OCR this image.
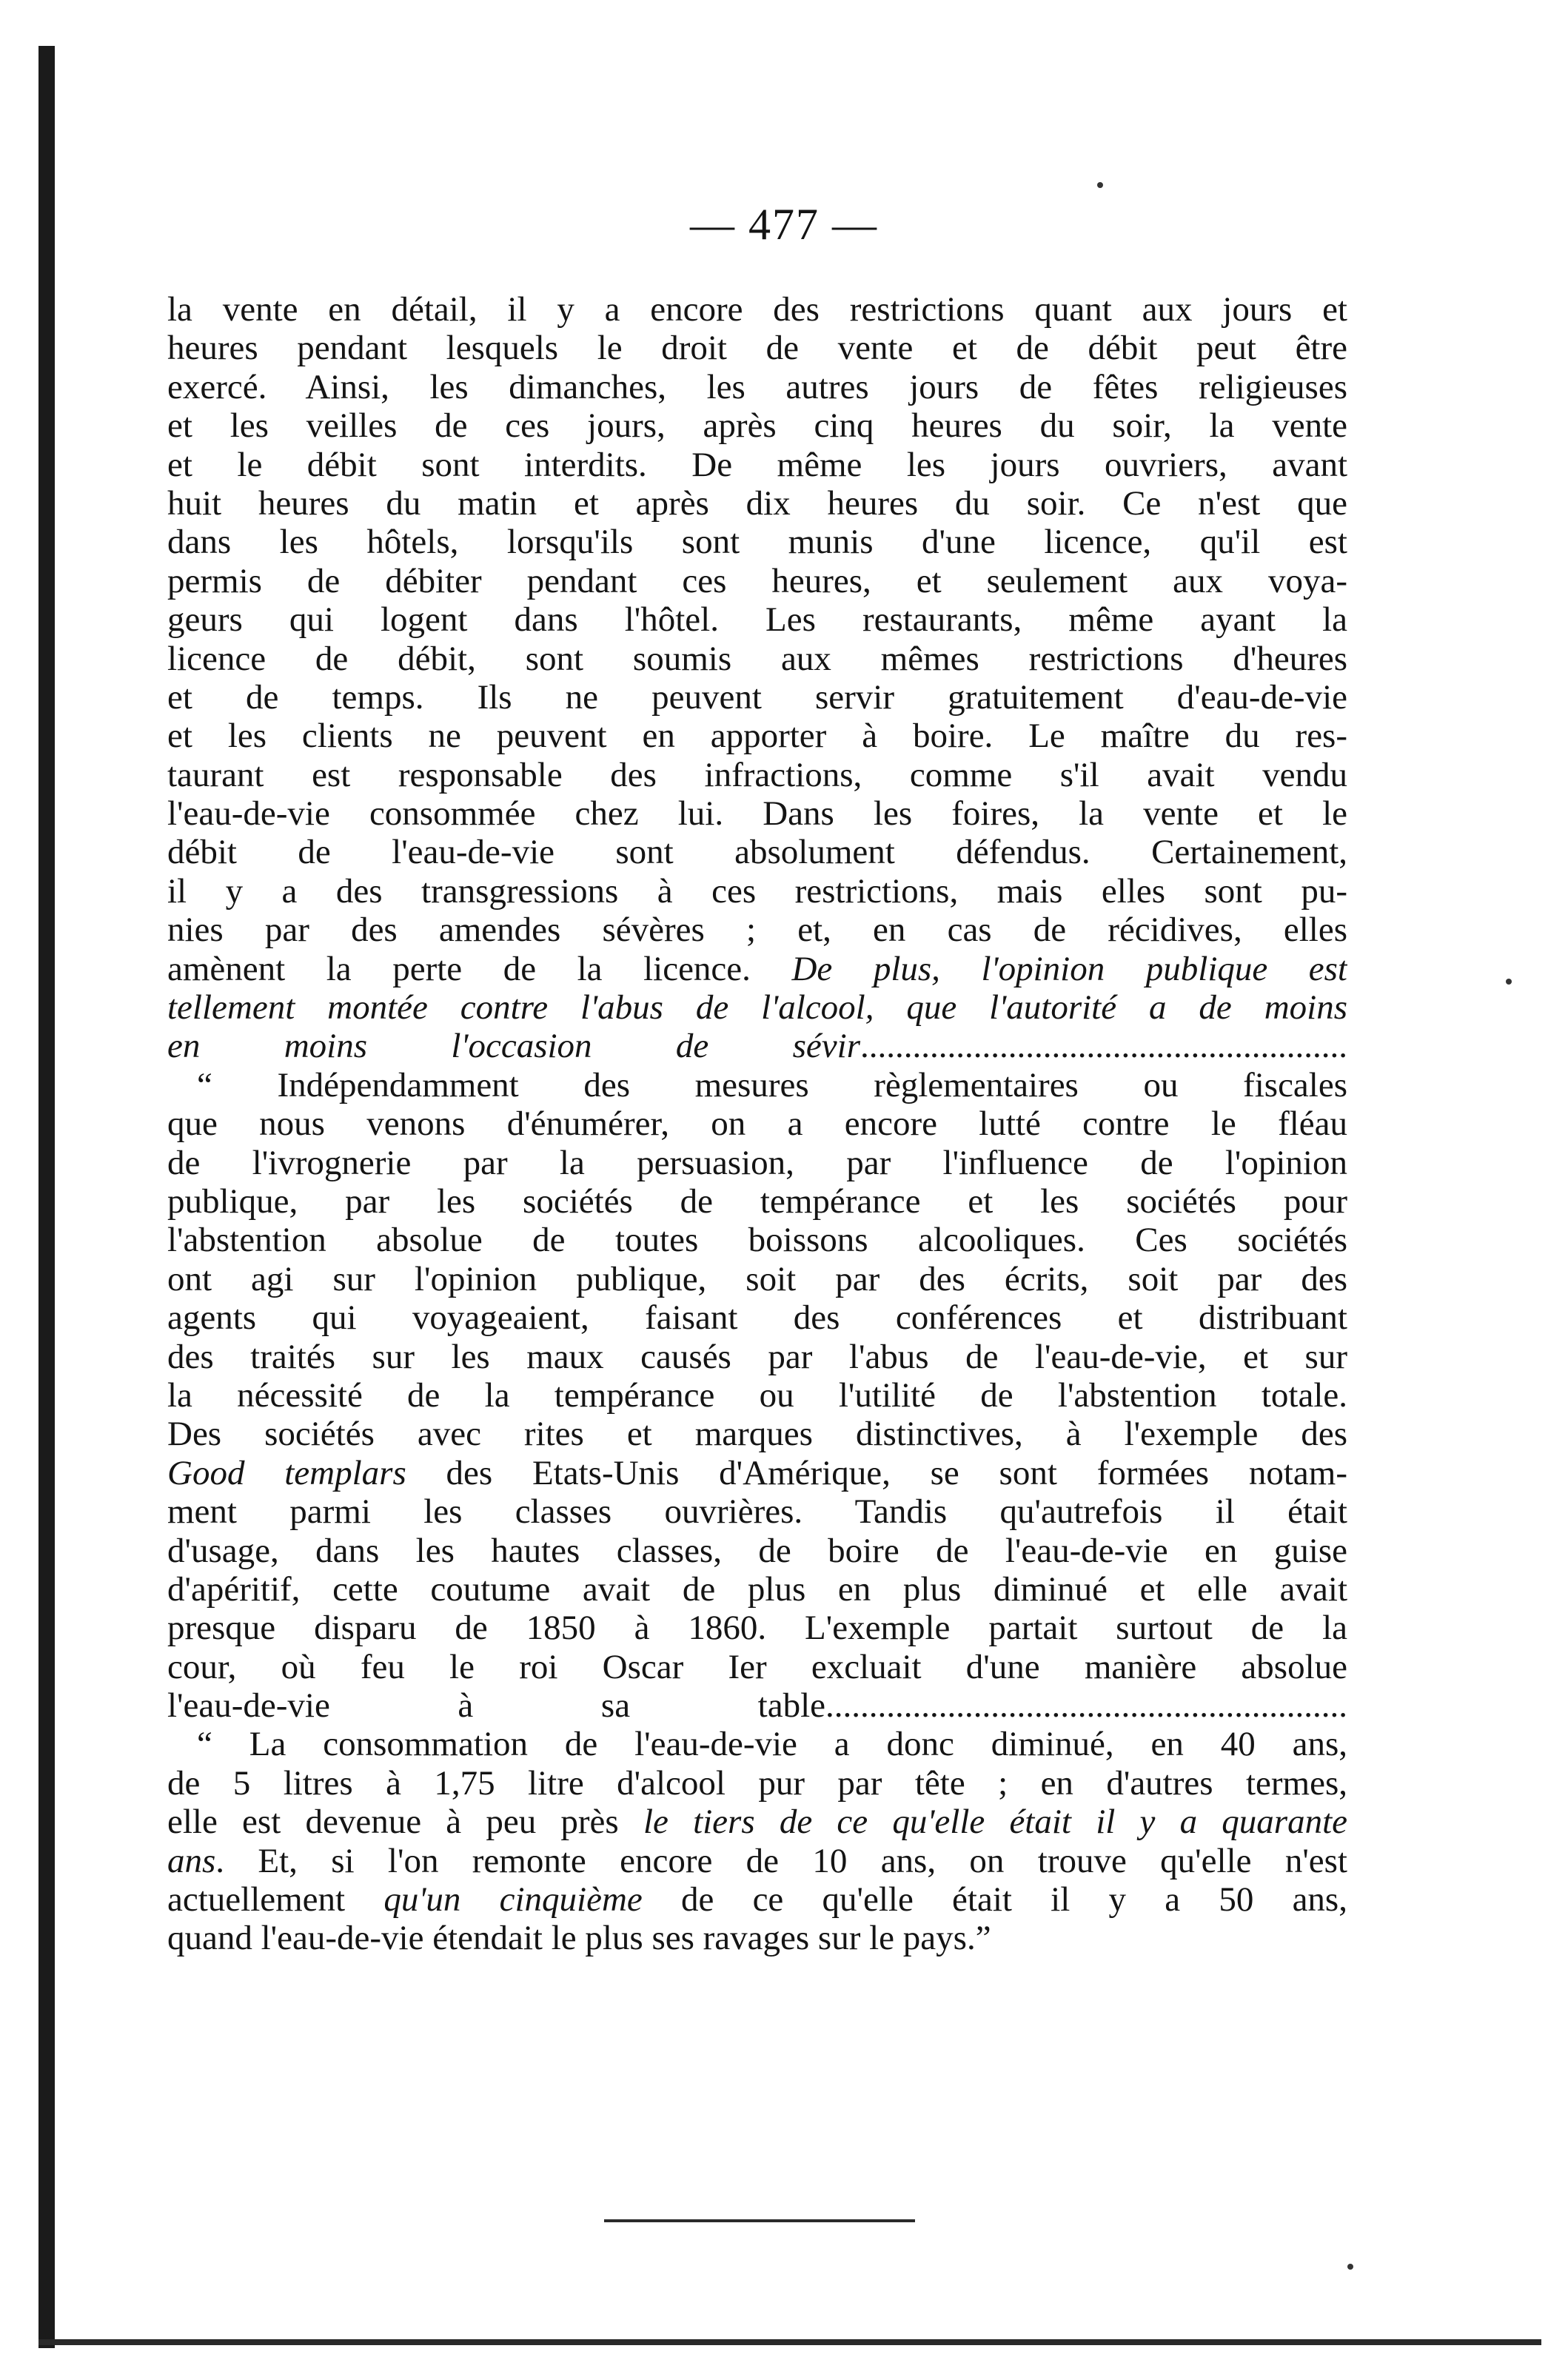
— 477 —
la vente en détail, il y a encore des restrictions quant aux jours et
heures pendant lesquels le droit de vente et de débit peut être
exercé. Ainsi, les dimanches, les autres jours de fêtes religieuses
et les veilles de ces jours, après cinq heures du soir, la vente
et le débit sont interdits. De même les jours ouvriers, avant
huit heures du matin et après dix heures du soir. Ce n'est que
dans les hôtels, lorsqu'ils sont munis d'une licence, qu'il est
permis de débiter pendant ces heures, et seulement aux voya-
geurs qui logent dans l'hôtel. Les restaurants, même ayant la
licence de débit, sont soumis aux mêmes restrictions d'heures
et de temps. Ils ne peuvent servir gratuitement d'eau-de-vie
et les clients ne peuvent en apporter à boire. Le maître du res-
taurant est responsable des infractions, comme s'il avait vendu
l'eau-de-vie consommée chez lui. Dans les foires, la vente et le
débit de l'eau-de-vie sont absolument défendus. Certainement,
il y a des transgressions à ces restrictions, mais elles sont pu-
nies par des amendes sévères ; et, en cas de récidives, elles
amènent la perte de la licence. De plus, l'opinion publique est
tellement montée contre l'abus de l'alcool, que l'autorité a de moins
en moins l'occasion de sévir........................................................
“ Indépendamment des mesures règlementaires ou fiscales
que nous venons d'énumérer, on a encore lutté contre le fléau
de l'ivrognerie par la persuasion, par l'influence de l'opinion
publique, par les sociétés de tempérance et les sociétés pour
l'abstention absolue de toutes boissons alcooliques. Ces sociétés
ont agi sur l'opinion publique, soit par des écrits, soit par des
agents qui voyageaient, faisant des conférences et distribuant
des traités sur les maux causés par l'abus de l'eau-de-vie, et sur
la nécessité de la tempérance ou l'utilité de l'abstention totale.
Des sociétés avec rites et marques distinctives, à l'exemple des
Good templars des Etats-Unis d'Amérique, se sont formées notam-
ment parmi les classes ouvrières. Tandis qu'autrefois il était
d'usage, dans les hautes classes, de boire de l'eau-de-vie en guise
d'apéritif, cette coutume avait de plus en plus diminué et elle avait
presque disparu de 1850 à 1860. L'exemple partait surtout de la
cour, où feu le roi Oscar Ier excluait d'une manière absolue
l'eau-de-vie à sa table............................................................
“ La consommation de l'eau-de-vie a donc diminué, en 40 ans,
de 5 litres à 1,75 litre d'alcool pur par tête ; en d'autres termes,
elle est devenue à peu près le tiers de ce qu'elle était il y a quarante
ans. Et, si l'on remonte encore de 10 ans, on trouve qu'elle n'est
actuellement qu'un cinquième de ce qu'elle était il y a 50 ans,
quand l'eau-de-vie étendait le plus ses ravages sur le pays.”
